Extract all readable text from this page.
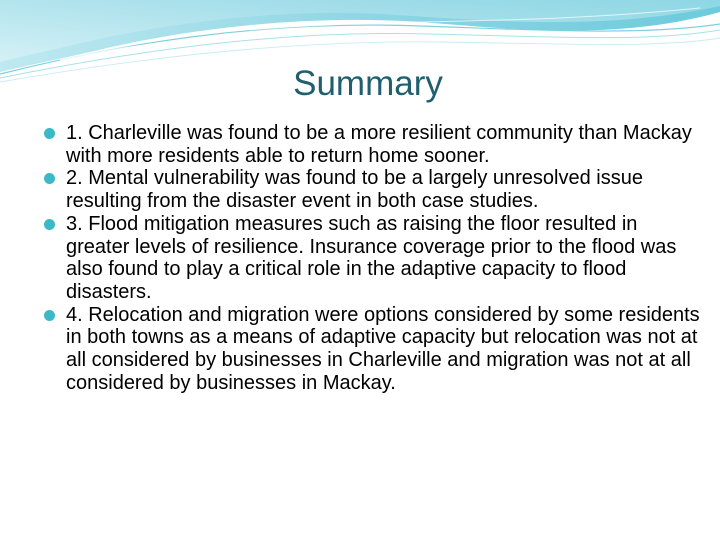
Summary
1. Charleville was found to be a more resilient community than Mackay with more residents able to return home sooner.
2. Mental vulnerability was found to be a largely unresolved issue resulting from the disaster event in both case studies.
3. Flood mitigation measures such as raising the floor resulted in greater levels of resilience. Insurance coverage prior to the flood was also found to play a critical role in the adaptive capacity to flood disasters.
4. Relocation and migration were options considered by some residents in both towns as a means of adaptive capacity but relocation was not at all considered by businesses in Charleville and migration was not at all considered by businesses in Mackay.
